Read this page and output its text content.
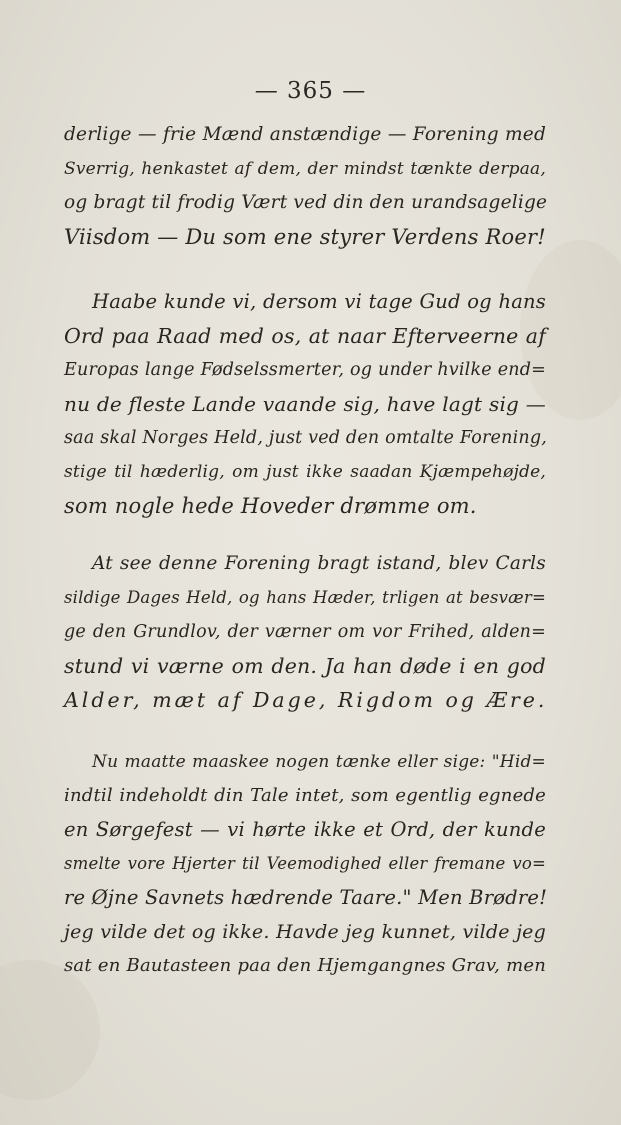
— 365 —
derlige — frie Mænd anstændige — Forening med
Sverrig, henkastet af dem, der mindst tænkte derpaa,
og bragt til frodig Vært ved din den urandsagelige
Viisdom — Du som ene styrer Verdens Roer!
Haabe kunde vi, dersom vi tage Gud og hans
Ord paa Raad med os, at naar Efterveerne af
Europas lange Fødselssmerter, og under hvilke end=
nu de fleste Lande vaande sig, have lagt sig —
saa skal Norges Held, just ved den omtalte Forening,
stige til hæderlig, om just ikke saadan Kjæmpehøjde,
som nogle hede Hoveder drømme om.
At see denne Forening bragt istand, blev Carls
sildige Dages Held, og hans Hæder, trligen at besvær=
ge den Grundlov, der værner om vor Frihed, alden=
stund vi værne om den. Ja han døde i en god
Alder, mæt af Dage, Rigdom og Ære.
Nu maatte maaskee nogen tænke eller sige: "Hid=
indtil indeholdt din Tale intet, som egentlig egnede
en Sørgefest — vi hørte ikke et Ord, der kunde
smelte vore Hjerter til Veemodighed eller fremane vo=
re Øjne Savnets hædrende Taare." Men Brødre!
jeg vilde det og ikke. Havde jeg kunnet, vilde jeg
sat en Bautasteen paa den Hjemgangnes Grav, men
